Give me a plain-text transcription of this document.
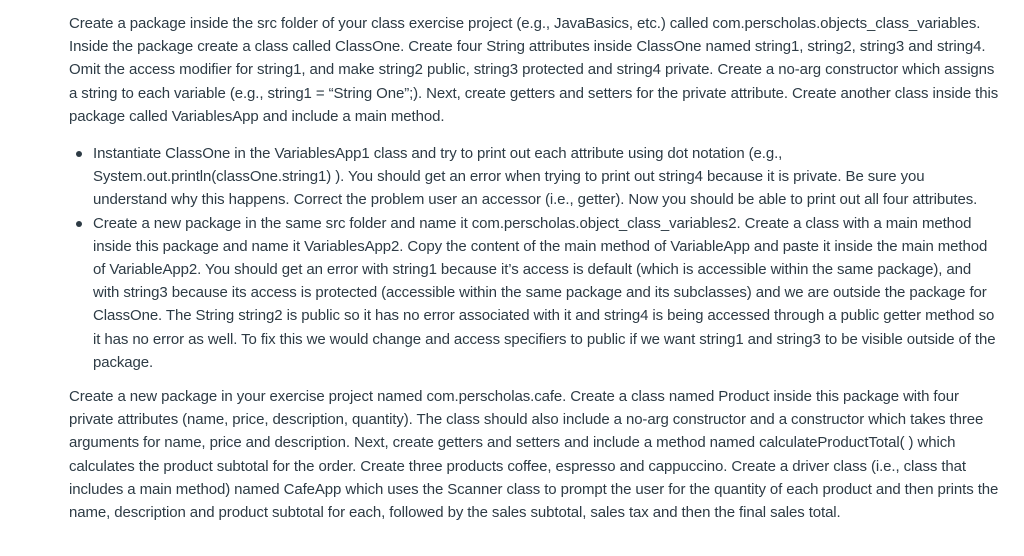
Create a package inside the src folder of your class exercise project (e.g., JavaBasics, etc.) called com.perscholas.objects_class_variables. Inside the package create a class called ClassOne. Create four String attributes inside ClassOne named string1, string2, string3 and string4. Omit the access modifier for string1, and make string2 public, string3 protected and string4 private. Create a no-arg constructor which assigns a string to each variable (e.g., string1 = “String One”;). Next, create getters and setters for the private attribute. Create another class inside this package called VariablesApp and include a main method.

Instantiate ClassOne in the VariablesApp1 class and try to print out each attribute using dot notation (e.g., System.out.println(classOne.string1) ). You should get an error when trying to print out string4 because it is private. Be sure you understand why this happens. Correct the problem user an accessor (i.e., getter). Now you should be able to print out all four attributes.
Create a new package in the same src folder and name it com.perscholas.object_class_variables2. Create a class with a main method inside this package and name it VariablesApp2. Copy the content of the main method of VariableApp and paste it inside the main method of VariableApp2. You should get an error with string1 because it’s access is default (which is accessible within the same package), and with string3 because its access is protected (accessible within the same package and its subclasses) and we are outside the package for ClassOne. The String string2 is public so it has no error associated with it and string4 is being accessed through a public getter method so it has no error as well. To fix this we would change and access specifiers to public if we want string1 and string3 to be visible outside of the package.

Create a new package in your exercise project named com.perscholas.cafe. Create a class named Product inside this package with four private attributes (name, price, description, quantity). The class should also include a no-arg constructor and a constructor which takes three arguments for name, price and description. Next, create getters and setters and include a method named calculateProductTotal( ) which calculates the product subtotal for the order. Create three products coffee, espresso and cappuccino. Create a driver class (i.e., class that includes a main method) named CafeApp which uses the Scanner class to prompt the user for the quantity of each product and then prints the name, description and product subtotal for each, followed by the sales subtotal, sales tax and then the final sales total.
